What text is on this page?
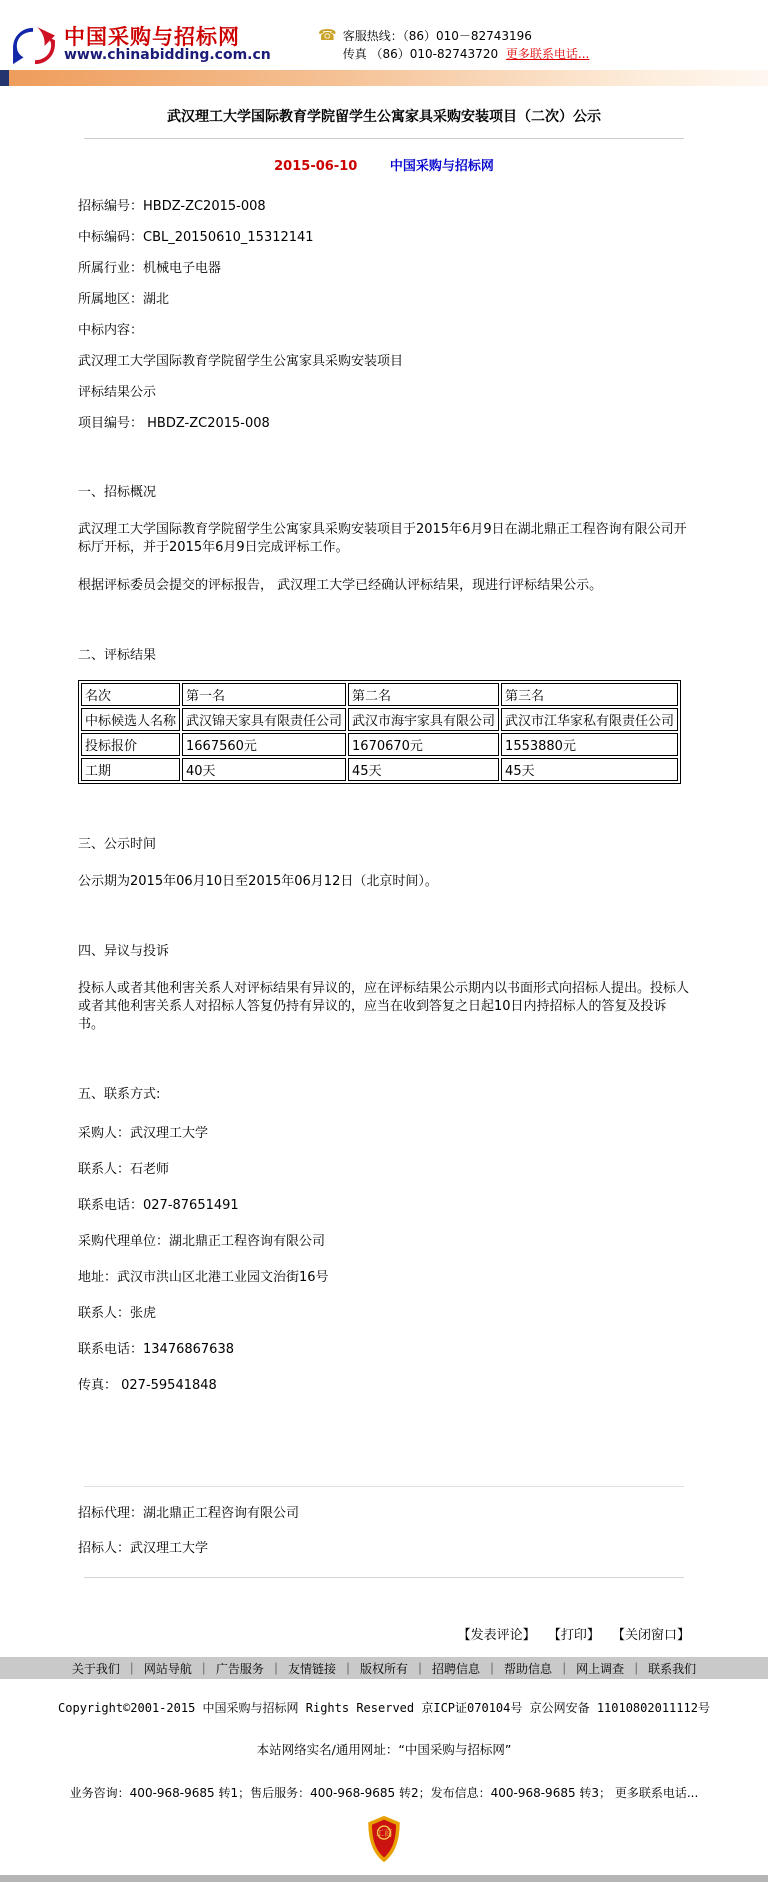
中国采购与招标网
www.chinabidding.com.cn
☎ 客服热线：（86）010－82743196
传真 （86）010-82743720 更多联系电话...
武汉理工大学国际教育学院留学生公寓家具采购安装项目（二次）公示
2015-06-10	中国采购与招标网

招标编号：HBDZ-ZC2015-008

中标编码：CBL_20150610_15312141

所属行业：机械电子电器

所属地区：湖北

中标内容：

武汉理工大学国际教育学院留学生公寓家具采购安装项目

评标结果公示

项目编号： HBDZ-ZC2015-008

一、招标概况

武汉理工大学国际教育学院留学生公寓家具采购安装项目于2015年6月9日在湖北鼎正工程咨询有限公司开标厅开标，并于2015年6月9日完成评标工作。

根据评标委员会提交的评标报告， 武汉理工大学已经确认评标结果，现进行评标结果公示。

二、评标结果
名次	第一名	第二名	第三名
中标候选人名称	武汉锦天家具有限责任公司	武汉市海宇家具有限公司	武汉市江华家私有限责任公司
投标报价	1667560元	1670670元	1553880元
工期	40天	45天	45天
三、公示时间

公示期为2015年06月10日至2015年06月12日（北京时间）。

四、异议与投诉

投标人或者其他利害关系人对评标结果有异议的，应在评标结果公示期内以书面形式向招标人提出。投标人或者其他利害关系人对招标人答复仍持有异议的，应当在收到答复之日起10日内持招标人的答复及投诉书。

五、联系方式:

采购人：武汉理工大学

联系人：石老师

联系电话：027-87651491

采购代理单位：湖北鼎正工程咨询有限公司

地址：武汉市洪山区北港工业园文治街16号

联系人：张虎

联系电话：13476867638

传真： 027-59541848

招标代理：湖北鼎正工程咨询有限公司

招标人：武汉理工大学

【发表评论】 【打印】 【关闭窗口】
关于我们	｜ 网站导航	｜ 广告服务	｜ 友情链接	｜ 版权所有	｜ 招聘信息	｜ 帮助信息	｜ 网上调查	｜ 联系我们

Copyright©2001-2015 中国采购与招标网 Rights Reserved 京ICP证070104号 京公网安备 11010802011112号

本站网络实名/通用网址：“中国采购与招标网”

业务咨询：400-968-9685 转1；售后服务：400-968-9685 转2；发布信息：400-968-9685 转3； 更多联系电话...

工商
